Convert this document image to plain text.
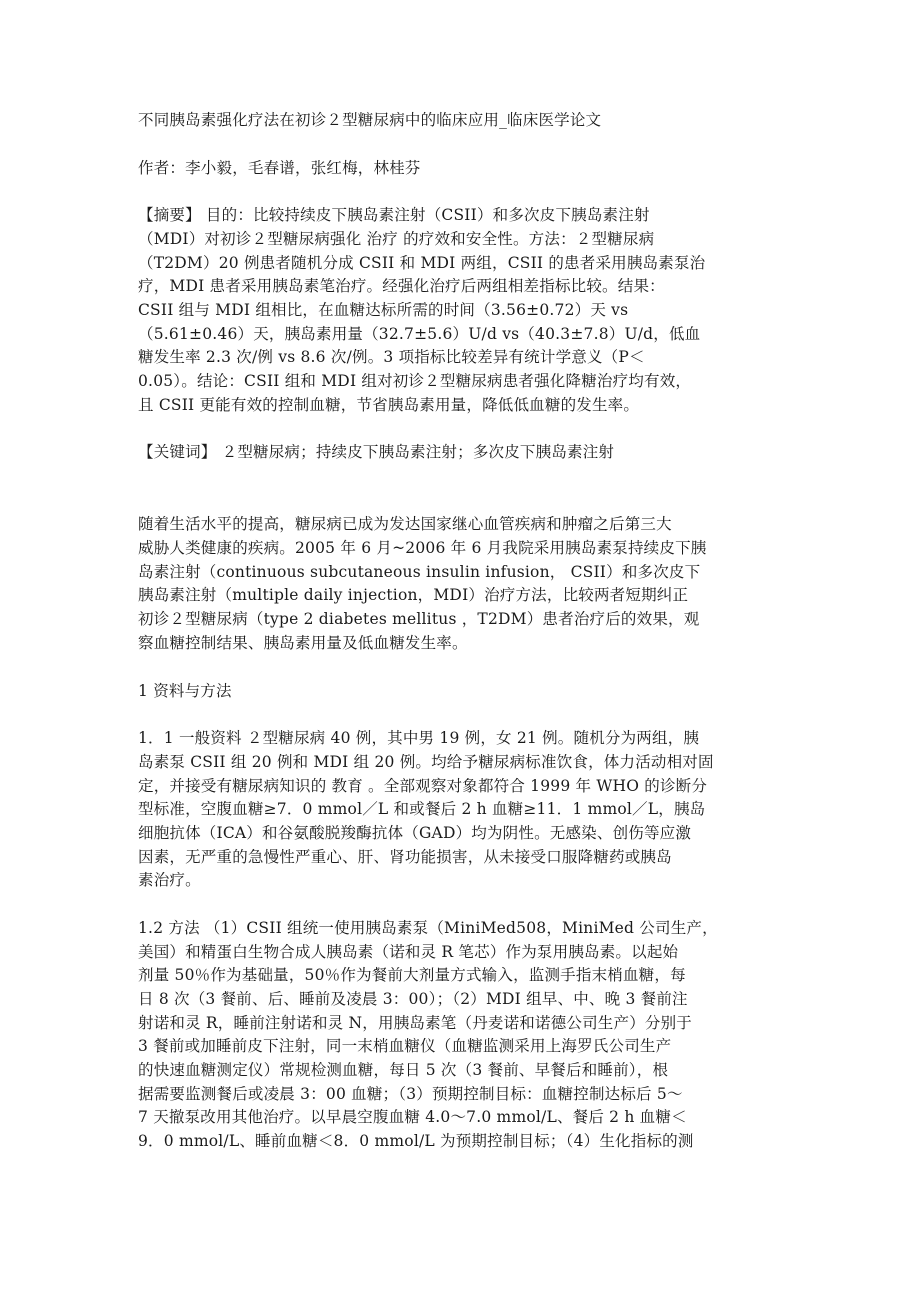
不同胰岛素强化疗法在初诊２型糖尿病中的临床应用_临床医学论文
作者：李小毅，毛春谱，张红梅，林桂芬
【摘要】 目的：比较持续皮下胰岛素注射（CSII）和多次皮下胰岛素注射
（MDI）对初诊２型糖尿病强化 治疗 的疗效和安全性。方法：２型糖尿病
（T2DM）20 例患者随机分成 CSII 和 MDI 两组，CSII 的患者采用胰岛素泵治
疗，MDI 患者采用胰岛素笔治疗。经强化治疗后两组相差指标比较。结果：
CSII 组与 MDI 组相比，在血糖达标所需的时间（3.56±0.72）天 vs
（5.61±0.46）天，胰岛素用量（32.7±5.6）U/d vs（40.3±7.8）U/d，低血
糖发生率 2.3 次/例 vs 8.6 次/例。3 项指标比较差异有统计学意义（P＜
0.05）。结论：CSII 组和 MDI 组对初诊２型糖尿病患者强化降糖治疗均有效，
且 CSII 更能有效的控制血糖，节省胰岛素用量，降低低血糖的发生率。
【关键词】 ２型糖尿病；持续皮下胰岛素注射；多次皮下胰岛素注射
随着生活水平的提高，糖尿病已成为发达国家继心血管疾病和肿瘤之后第三大
威胁人类健康的疾病。2005 年 6 月~2006 年 6 月我院采用胰岛素泵持续皮下胰
岛素注射（continuous subcutaneous insulin infusion， CSII）和多次皮下
胰岛素注射（multiple daily injection，MDI）治疗方法，比较两者短期纠正
初诊２型糖尿病（type 2 diabetes mellitus ，T2DM）患者治疗后的效果，观
察血糖控制结果、胰岛素用量及低血糖发生率。
1 资料与方法
1．1 一般资料 ２型糖尿病 40 例，其中男 19 例，女 21 例。随机分为两组，胰
岛素泵 CSII 组 20 例和 MDI 组 20 例。均给予糖尿病标准饮食，体力活动相对固
定，并接受有糖尿病知识的 教育 。全部观察对象都符合 1999 年 WHO 的诊断分
型标准，空腹血糖≥7．0 mmol／L 和或餐后 2 h 血糖≥11．1 mmol／L，胰岛
细胞抗体（ICA）和谷氨酸脱羧酶抗体（GAD）均为阴性。无感染、创伤等应激
因素，无严重的急慢性严重心、肝、肾功能损害，从未接受口服降糖药或胰岛
素治疗。
1.2 方法 （1）CSII 组统一使用胰岛素泵（MiniMed508，MiniMed 公司生产，
美国）和精蛋白生物合成人胰岛素（诺和灵 R 笔芯）作为泵用胰岛素。以起始
剂量 50％作为基础量，50％作为餐前大剂量方式输入，监测手指末梢血糖，每
日 8 次（3 餐前、后、睡前及凌晨 3：00）；（2）MDI 组早、中、晚 3 餐前注
射诺和灵 R，睡前注射诺和灵 N，用胰岛素笔（丹麦诺和诺德公司生产）分别于
3 餐前或加睡前皮下注射，同一末梢血糖仪（血糖监测采用上海罗氏公司生产
的快速血糖测定仪）常规检测血糖，每日 5 次（3 餐前、早餐后和睡前），根
据需要监测餐后或凌晨 3：00 血糖；（3）预期控制目标：血糖控制达标后 5～
7 天撤泵改用其他治疗。以早晨空腹血糖 4.0～7.0 mmol/L、餐后 2 h 血糖＜
9．0 mmol/L、睡前血糖＜8．0 mmol/L 为预期控制目标；（4）生化指标的测
